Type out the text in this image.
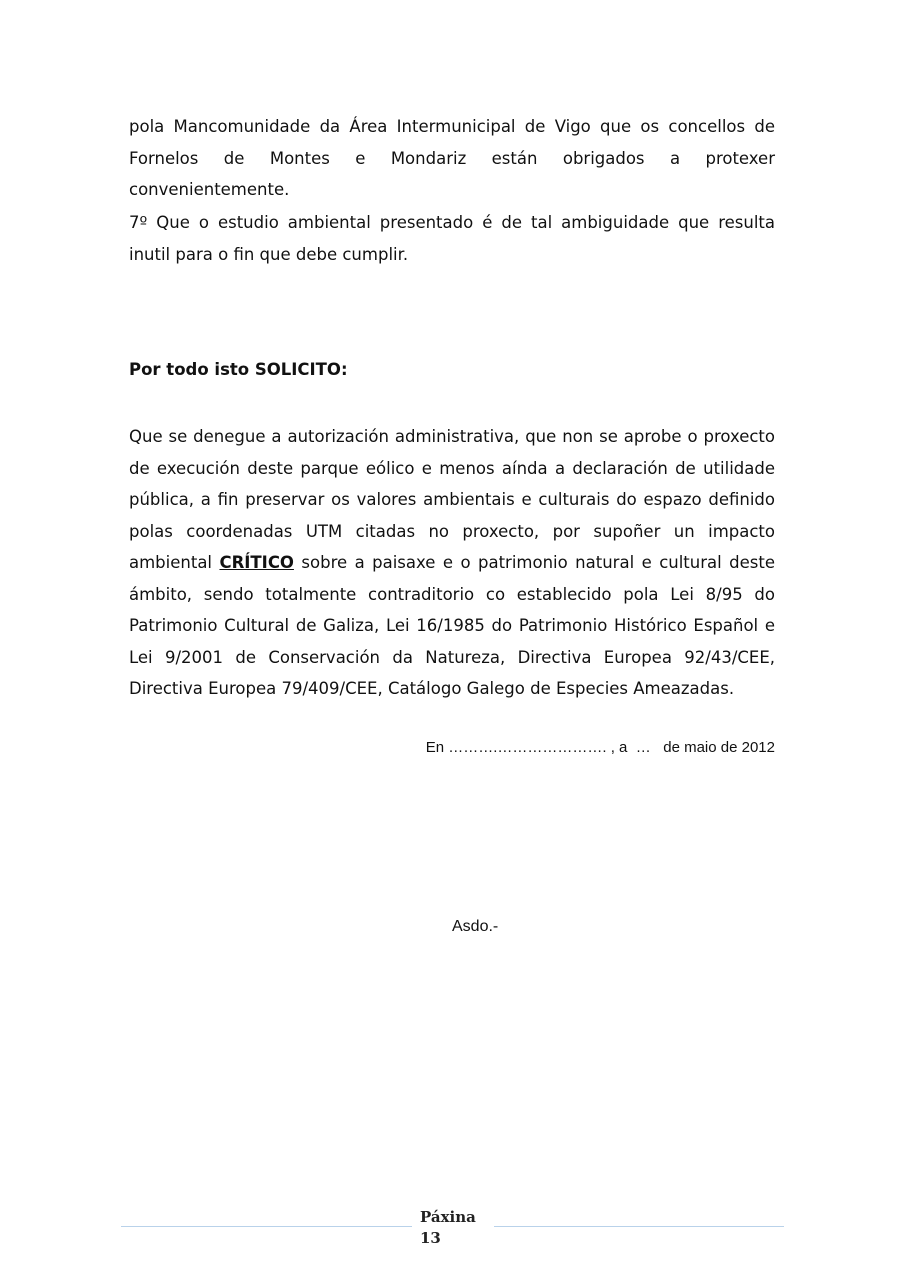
pola Mancomunidade da Área Intermunicipal de Vigo que os concellos de Fornelos de Montes e Mondariz están obrigados a protexer convenientemente.

7º Que o estudio ambiental presentado é de tal ambiguidade que resulta inutil para o fin que debe cumplir.

Por todo isto SOLICITO:

Que se denegue a autorización administrativa, que non se aprobe o proxecto de execución deste parque eólico e menos aínda a declaración de utilidade pública, a fin preservar os valores ambientais e culturais do espazo definido polas coordenadas UTM citadas no proxecto, por supoñer un impacto ambiental CRÍTICO sobre a paisaxe e o patrimonio natural e cultural deste ámbito, sendo totalmente contraditorio co establecido pola Lei 8/95 do Patrimonio Cultural de Galiza, Lei 16/1985 do Patrimonio Histórico Español e Lei 9/2001 de Conservación da Natureza, Directiva Europea 92/43/CEE, Directiva Europea 79/409/CEE, Catálogo Galego de Especies Ameazadas.

En ……….…………………. , a  …   de maio de 2012
Asdo.-
Páxina
13
